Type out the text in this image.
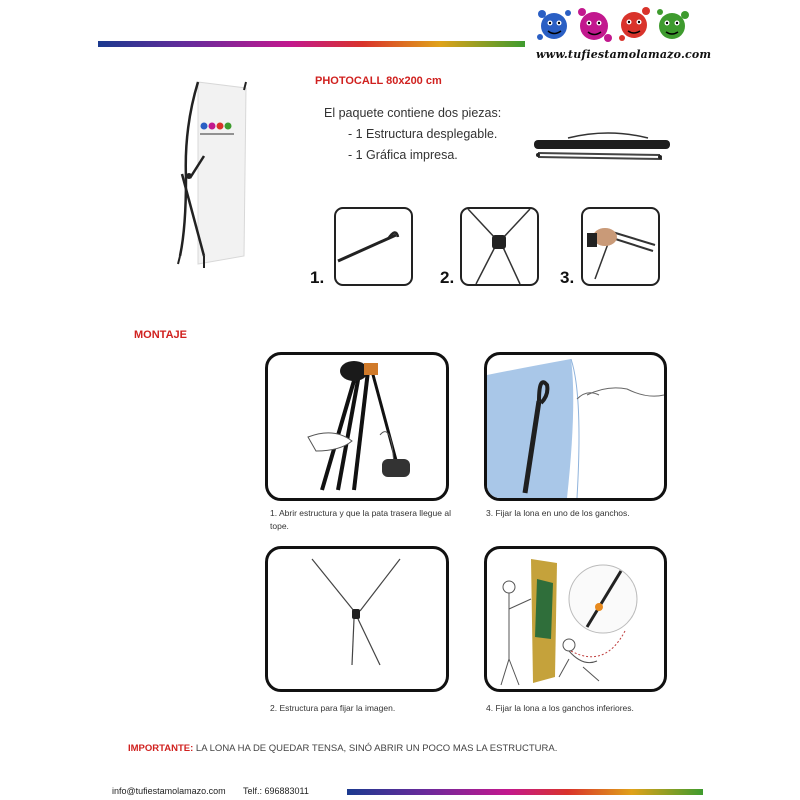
www.tufiestamolamazo.com
PHOTOCALL 80x200 cm
El paquete contiene dos piezas:
- 1 Estructura desplegable.
- 1 Gráfica impresa.
1.	2.	3.
MONTAJE
1. Abrir estructura y que la pata trasera llegue al tope.
3. Fijar la lona en uno de los ganchos.
2. Estructura para fijar la imagen.	4. Fijar la lona a los ganchos inferiores.
IMPORTANTE: LA LONA HA DE QUEDAR TENSA, SINÓ ABRIR UN POCO MAS LA ESTRUCTURA.
info@tufiestamolamazo.com Telf.: 696883011
